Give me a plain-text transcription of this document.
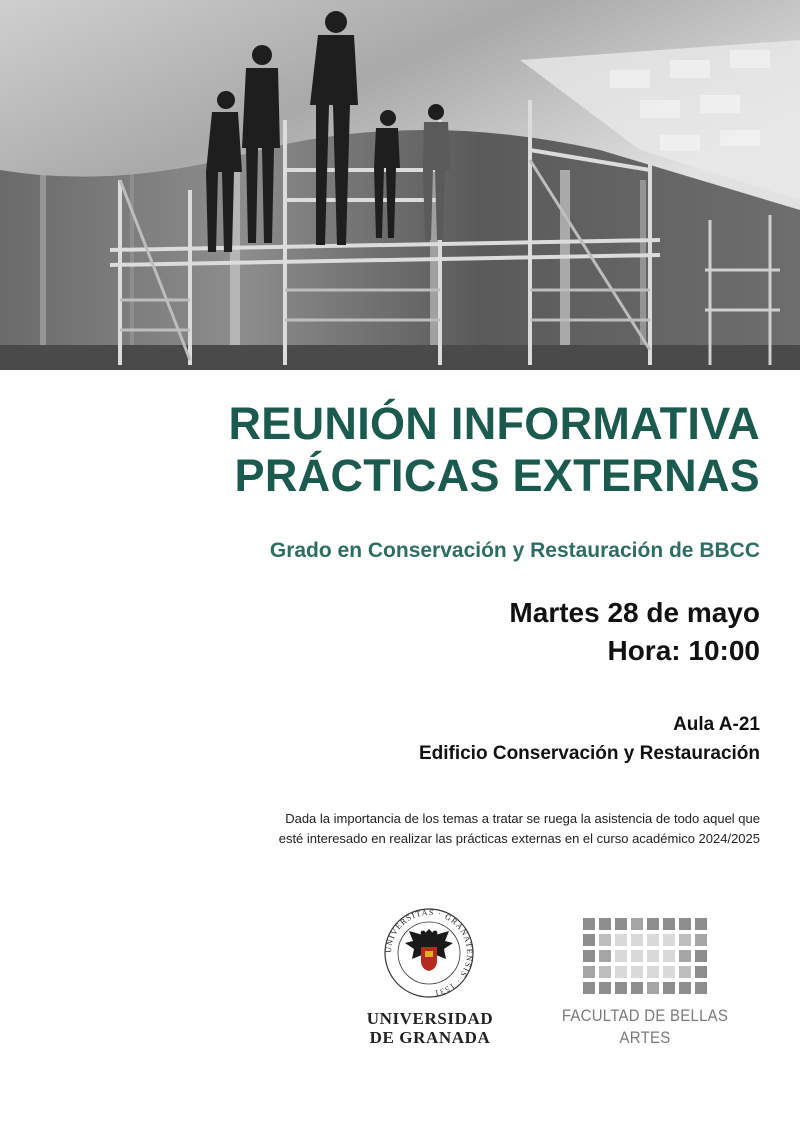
REUNIÓN INFORMATIVA
PRÁCTICAS EXTERNAS
Grado en Conservación y Restauración de BBCC
Martes 28 de mayo
Hora: 10:00
Aula A-21
Edificio Conservación y Restauración
Dada la importancia de los temas a tratar se ruega la asistencia de todo aquel que
esté interesado en realizar las prácticas externas en el curso académico 2024/2025
UNIVERSITAS · GRANATENSIS · 1531
UNIVERSIDAD
DE GRANADA
FACULTAD DE BELLAS ARTES
